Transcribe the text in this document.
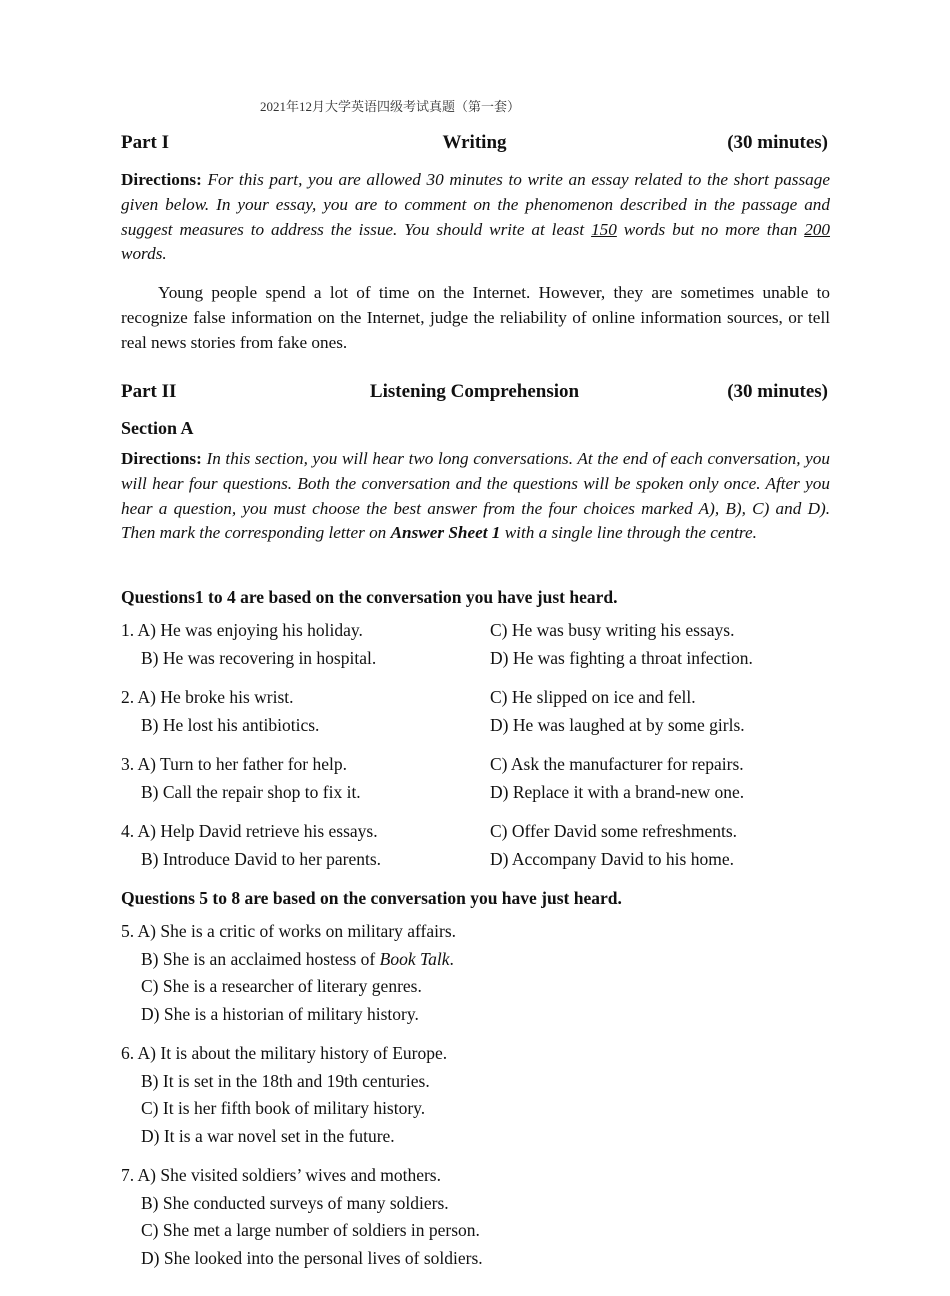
2021年12月大学英语四级考试真题（第一套）
Writing
Part I	(30 minutes)
Directions: For this part, you are allowed 30 minutes to write an essay related to the short passage given below. In your essay, you are to comment on the phenomenon described in the passage and suggest measures to address the issue. You should write at least 150 words but no more than 200 words.

Young people spend a lot of time on the Internet. However, they are sometimes unable to recognize false information on the Internet, judge the reliability of online information sources, or tell real news stories from fake ones.

Listening Comprehension
Part II	(30 minutes)
Section A
Directions: In this section, you will hear two long conversations. At the end of each conversation, you will hear four questions. Both the conversation and the questions will be spoken only once. After you hear a question, you must choose the best answer from the four choices marked A), B), C) and D). Then mark the corresponding letter on Answer Sheet 1 with a single line through the centre.
Questions1 to 4 are based on the conversation you have just heard.
1. A) He was enjoying his holiday.
B) He was recovering in hospital.
C) He was busy writing his essays.
D) He was fighting a throat infection.
2. A) He broke his wrist.
B) He lost his antibiotics.
C) He slipped on ice and fell.
D) He was laughed at by some girls.
3. A) Turn to her father for help.
B) Call the repair shop to fix it.
C) Ask the manufacturer for repairs.
D) Replace it with a brand-new one.
4. A) Help David retrieve his essays.
B) Introduce David to her parents.
C) Offer David some refreshments.
D) Accompany David to his home.
Questions 5 to 8 are based on the conversation you have just heard.
5. A) She is a critic of works on military affairs.
B) She is an acclaimed hostess of Book Talk.
C) She is a researcher of literary genres.
D) She is a historian of military history.
6. A) It is about the military history of Europe.
B) It is set in the 18th and 19th centuries.
C) It is her fifth book of military history.
D) It is a war novel set in the future.
7. A) She visited soldiers’ wives and mothers.
B) She conducted surveys of many soldiers.
C) She met a large number of soldiers in person.
D) She looked into the personal lives of soldiers.
